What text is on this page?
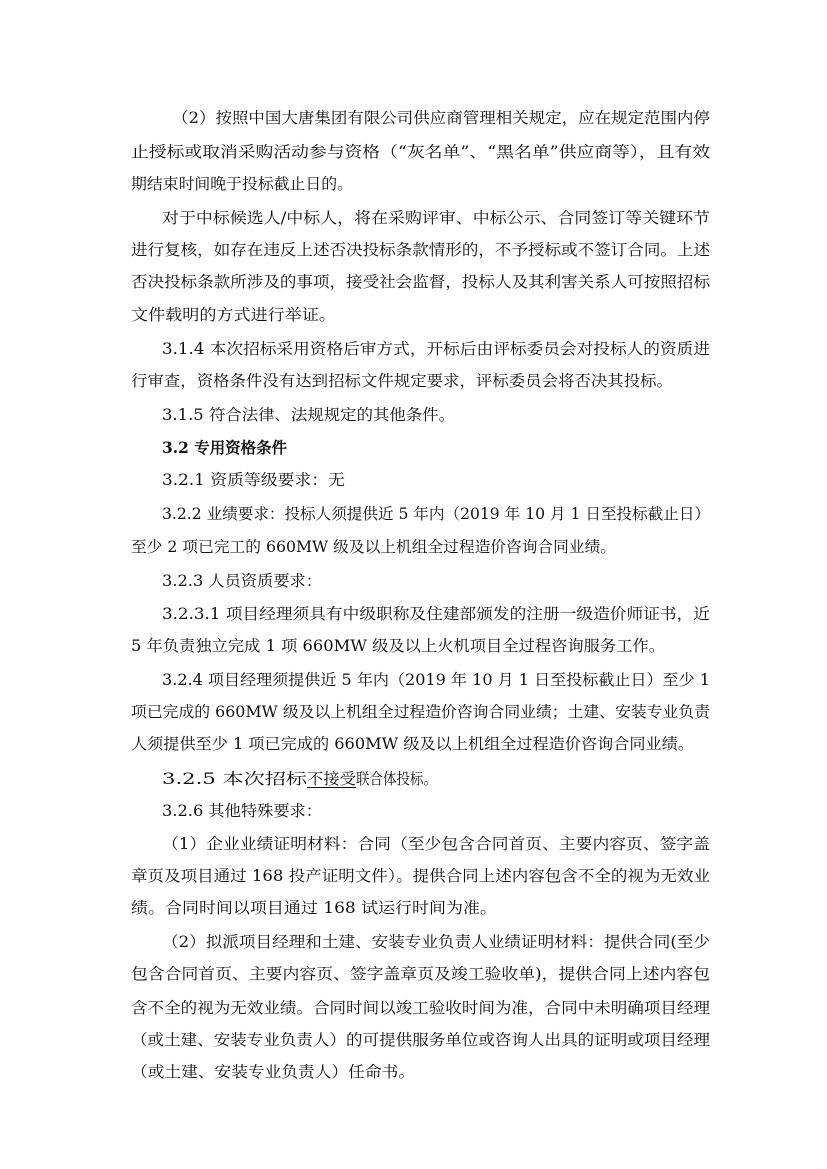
（2）按照中国大唐集团有限公司供应商管理相关规定，应在规定范围内停
止授标或取消采购活动参与资格（“灰名单”、“黑名单”供应商等），且有效
期结束时间晚于投标截止日的。
对于中标候选人/中标人，将在采购评审、中标公示、合同签订等关键环节
进行复核，如存在违反上述否决投标条款情形的，不予授标或不签订合同。上述
否决投标条款所涉及的事项，接受社会监督，投标人及其利害关系人可按照招标
文件载明的方式进行举证。
3.1.4 本次招标采用资格后审方式，开标后由评标委员会对投标人的资质进
行审查，资格条件没有达到招标文件规定要求，评标委员会将否决其投标。
3.1.5 符合法律、法规规定的其他条件。
3.2 专用资格条件
3.2.1 资质等级要求：无
3.2.2 业绩要求：投标人须提供近 5 年内（2019 年 10 月 1 日至投标截止日）
至少 2 项已完工的 660MW 级及以上机组全过程造价咨询合同业绩。
3.2.3 人员资质要求：
3.2.3.1 项目经理须具有中级职称及住建部颁发的注册一级造价师证书，近
5 年负责独立完成 1 项 660MW 级及以上火机项目全过程咨询服务工作。
3.2.4 项目经理须提供近 5 年内（2019 年 10 月 1 日至投标截止日）至少 1
项已完成的 660MW 级及以上机组全过程造价咨询合同业绩；土建、安装专业负责
人须提供至少 1 项已完成的 660MW 级及以上机组全过程造价咨询合同业绩。
3.2.5 本次招标 不接受 联合体投标。
3.2.6 其他特殊要求：
（1）企业业绩证明材料：合同（至少包含合同首页、主要内容页、签字盖
章页及项目通过 168 投产证明文件）。提供合同上述内容包含不全的视为无效业
绩。合同时间以项目通过 168 试运行时间为准。
（2）拟派项目经理和土建、安装专业负责人业绩证明材料：提供合同(至少
包含合同首页、主要内容页、签字盖章页及竣工验收单)，提供合同上述内容包
含不全的视为无效业绩。合同时间以竣工验收时间为准，合同中未明确项目经理
（或土建、安装专业负责人）的可提供服务单位或咨询人出具的证明或项目经理
（或土建、安装专业负责人）任命书。
